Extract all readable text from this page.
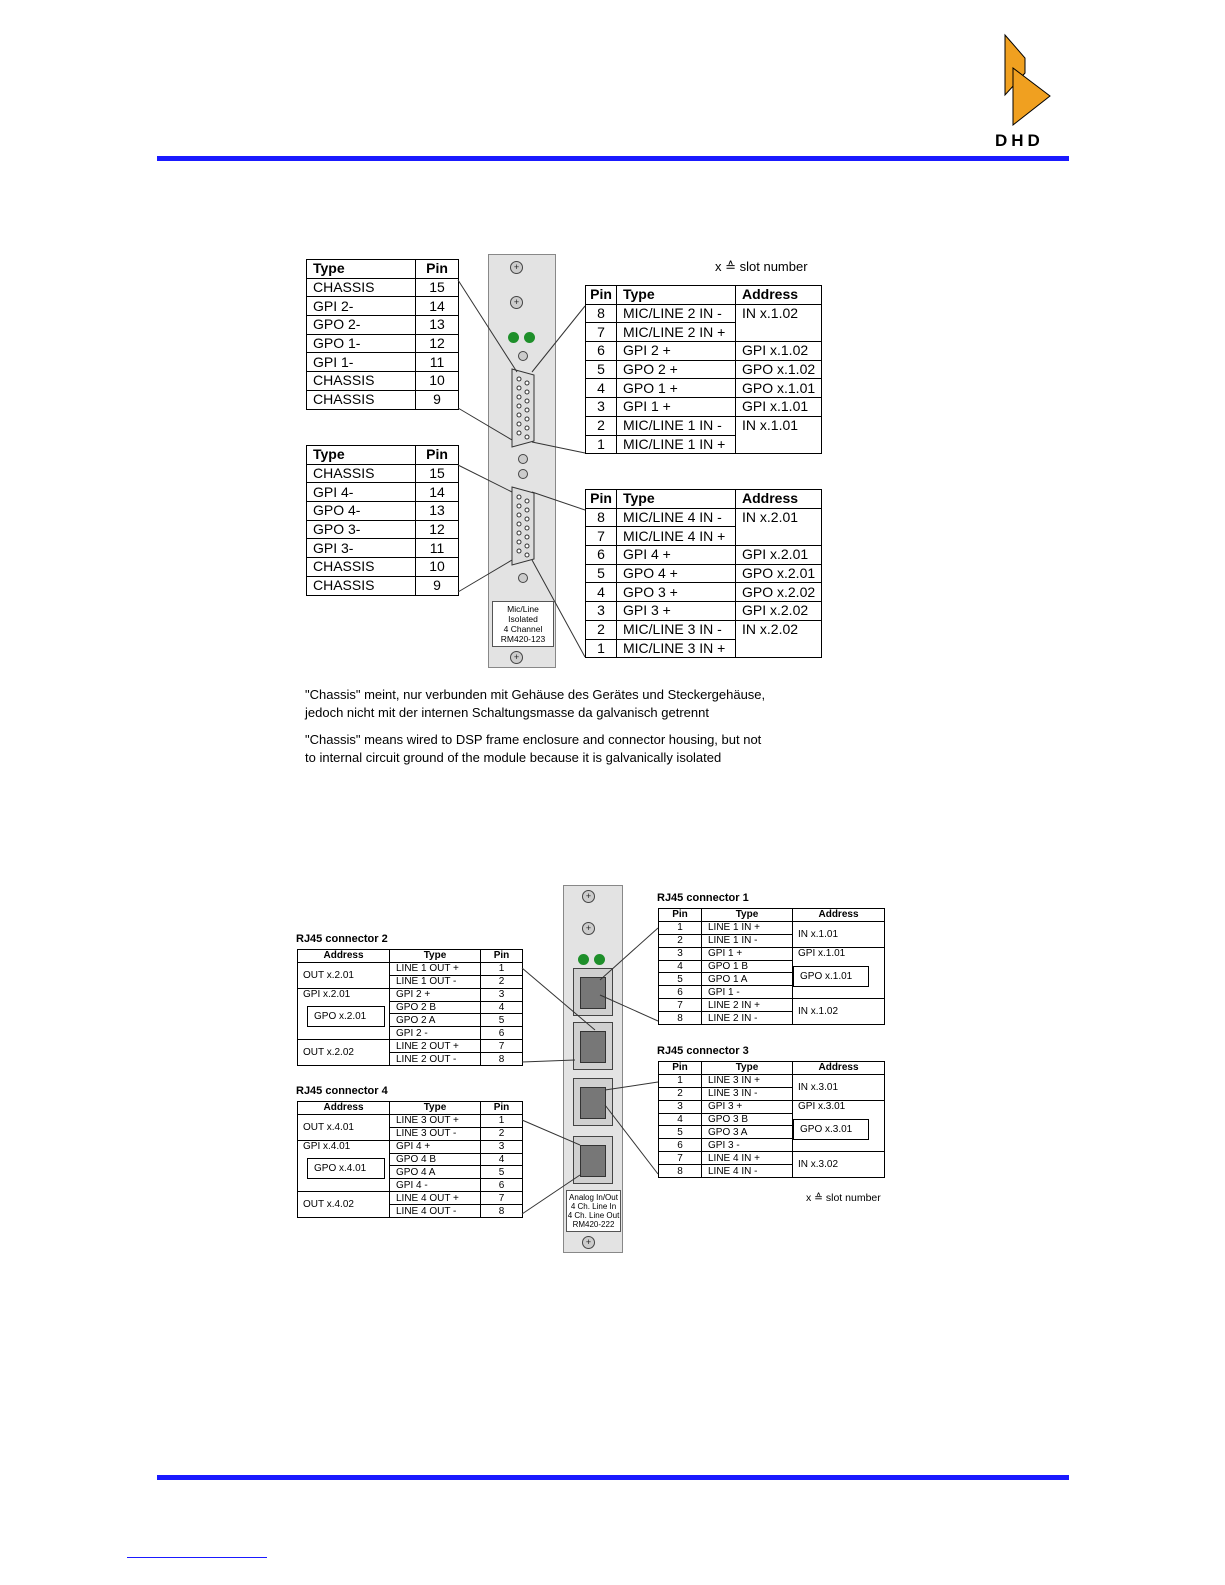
DHD
x ≙ slot number
+
+
Mic/Line
Isolated
4 Channel
RM420-123
+
Type	Pin
CHASSIS	15
GPI 2-	14
GPO 2-	13
GPO 1-	12
GPI 1-	11
CHASSIS	10
CHASSIS	9
Type	Pin
CHASSIS	15
GPI 4-	14
GPO 4-	13
GPO 3-	12
GPI 3-	11
CHASSIS	10
CHASSIS	9
Pin	Type	Address
8	MIC/LINE 2 IN -	IN x.1.02
7	MIC/LINE 2 IN +	
6	GPI 2 +	GPI x.1.02
5	GPO 2 +	GPO x.1.02
4	GPO 1 +	GPO x.1.01
3	GPI 1 +	GPI x.1.01
2	MIC/LINE 1 IN -	IN x.1.01
1	MIC/LINE 1 IN +	
Pin	Type	Address
8	MIC/LINE 4 IN -	IN x.2.01
7	MIC/LINE 4 IN +	
6	GPI 4 +	GPI x.2.01
5	GPO 4 +	GPO x.2.01
4	GPO 3 +	GPO x.2.02
3	GPI 3 +	GPI x.2.02
2	MIC/LINE 3 IN -	IN x.2.02
1	MIC/LINE 3 IN +	
"Chassis" meint, nur verbunden mit Gehäuse des Gerätes und Steckergehäuse,
jedoch nicht mit der internen Schaltungsmasse da galvanisch getrennt
"Chassis" means wired to DSP frame enclosure and connector housing, but not
to internal circuit ground of the module because it is galvanically isolated
+
+
Analog In/Out
4 Ch. Line In
4 Ch. Line Out
RM420-222
+
RJ45 connector 1
Pin	Type	Address
1	LINE 1 IN +	IN x.1.01
2	LINE 1 IN -	
3	GPI 1 +	GPI x.1.01
4	GPO 1 B	
5	GPO 1 A	
6	GPI 1 -	
7	LINE 2 IN +	IN x.1.02
8	LINE 2 IN -	
GPO x.1.01
RJ45 connector 2
Address	Type	Pin
OUT x.2.01	LINE 1 OUT +	1
	LINE 1 OUT -	2
GPI x.2.01	GPI 2 +	3
	GPO 2 B	4
	GPO 2 A	5
	GPI 2 -	6
OUT x.2.02	LINE 2 OUT +	7
	LINE 2 OUT -	8
GPO x.2.01
RJ45 connector 3
Pin	Type	Address
1	LINE 3 IN +	IN x.3.01
2	LINE 3 IN -	
3	GPI 3 +	GPI x.3.01
4	GPO 3 B	
5	GPO 3 A	
6	GPI 3 -	
7	LINE 4 IN +	IN x.3.02
8	LINE 4 IN -	
GPO x.3.01
RJ45 connector 4
Address	Type	Pin
OUT x.4.01	LINE 3 OUT +	1
	LINE 3 OUT -	2
GPI x.4.01	GPI 4 +	3
	GPO 4 B	4
	GPO 4 A	5
	GPI 4 -	6
OUT x.4.02	LINE 4 OUT +	7
	LINE 4 OUT -	8
GPO x.4.01
x ≙ slot number
